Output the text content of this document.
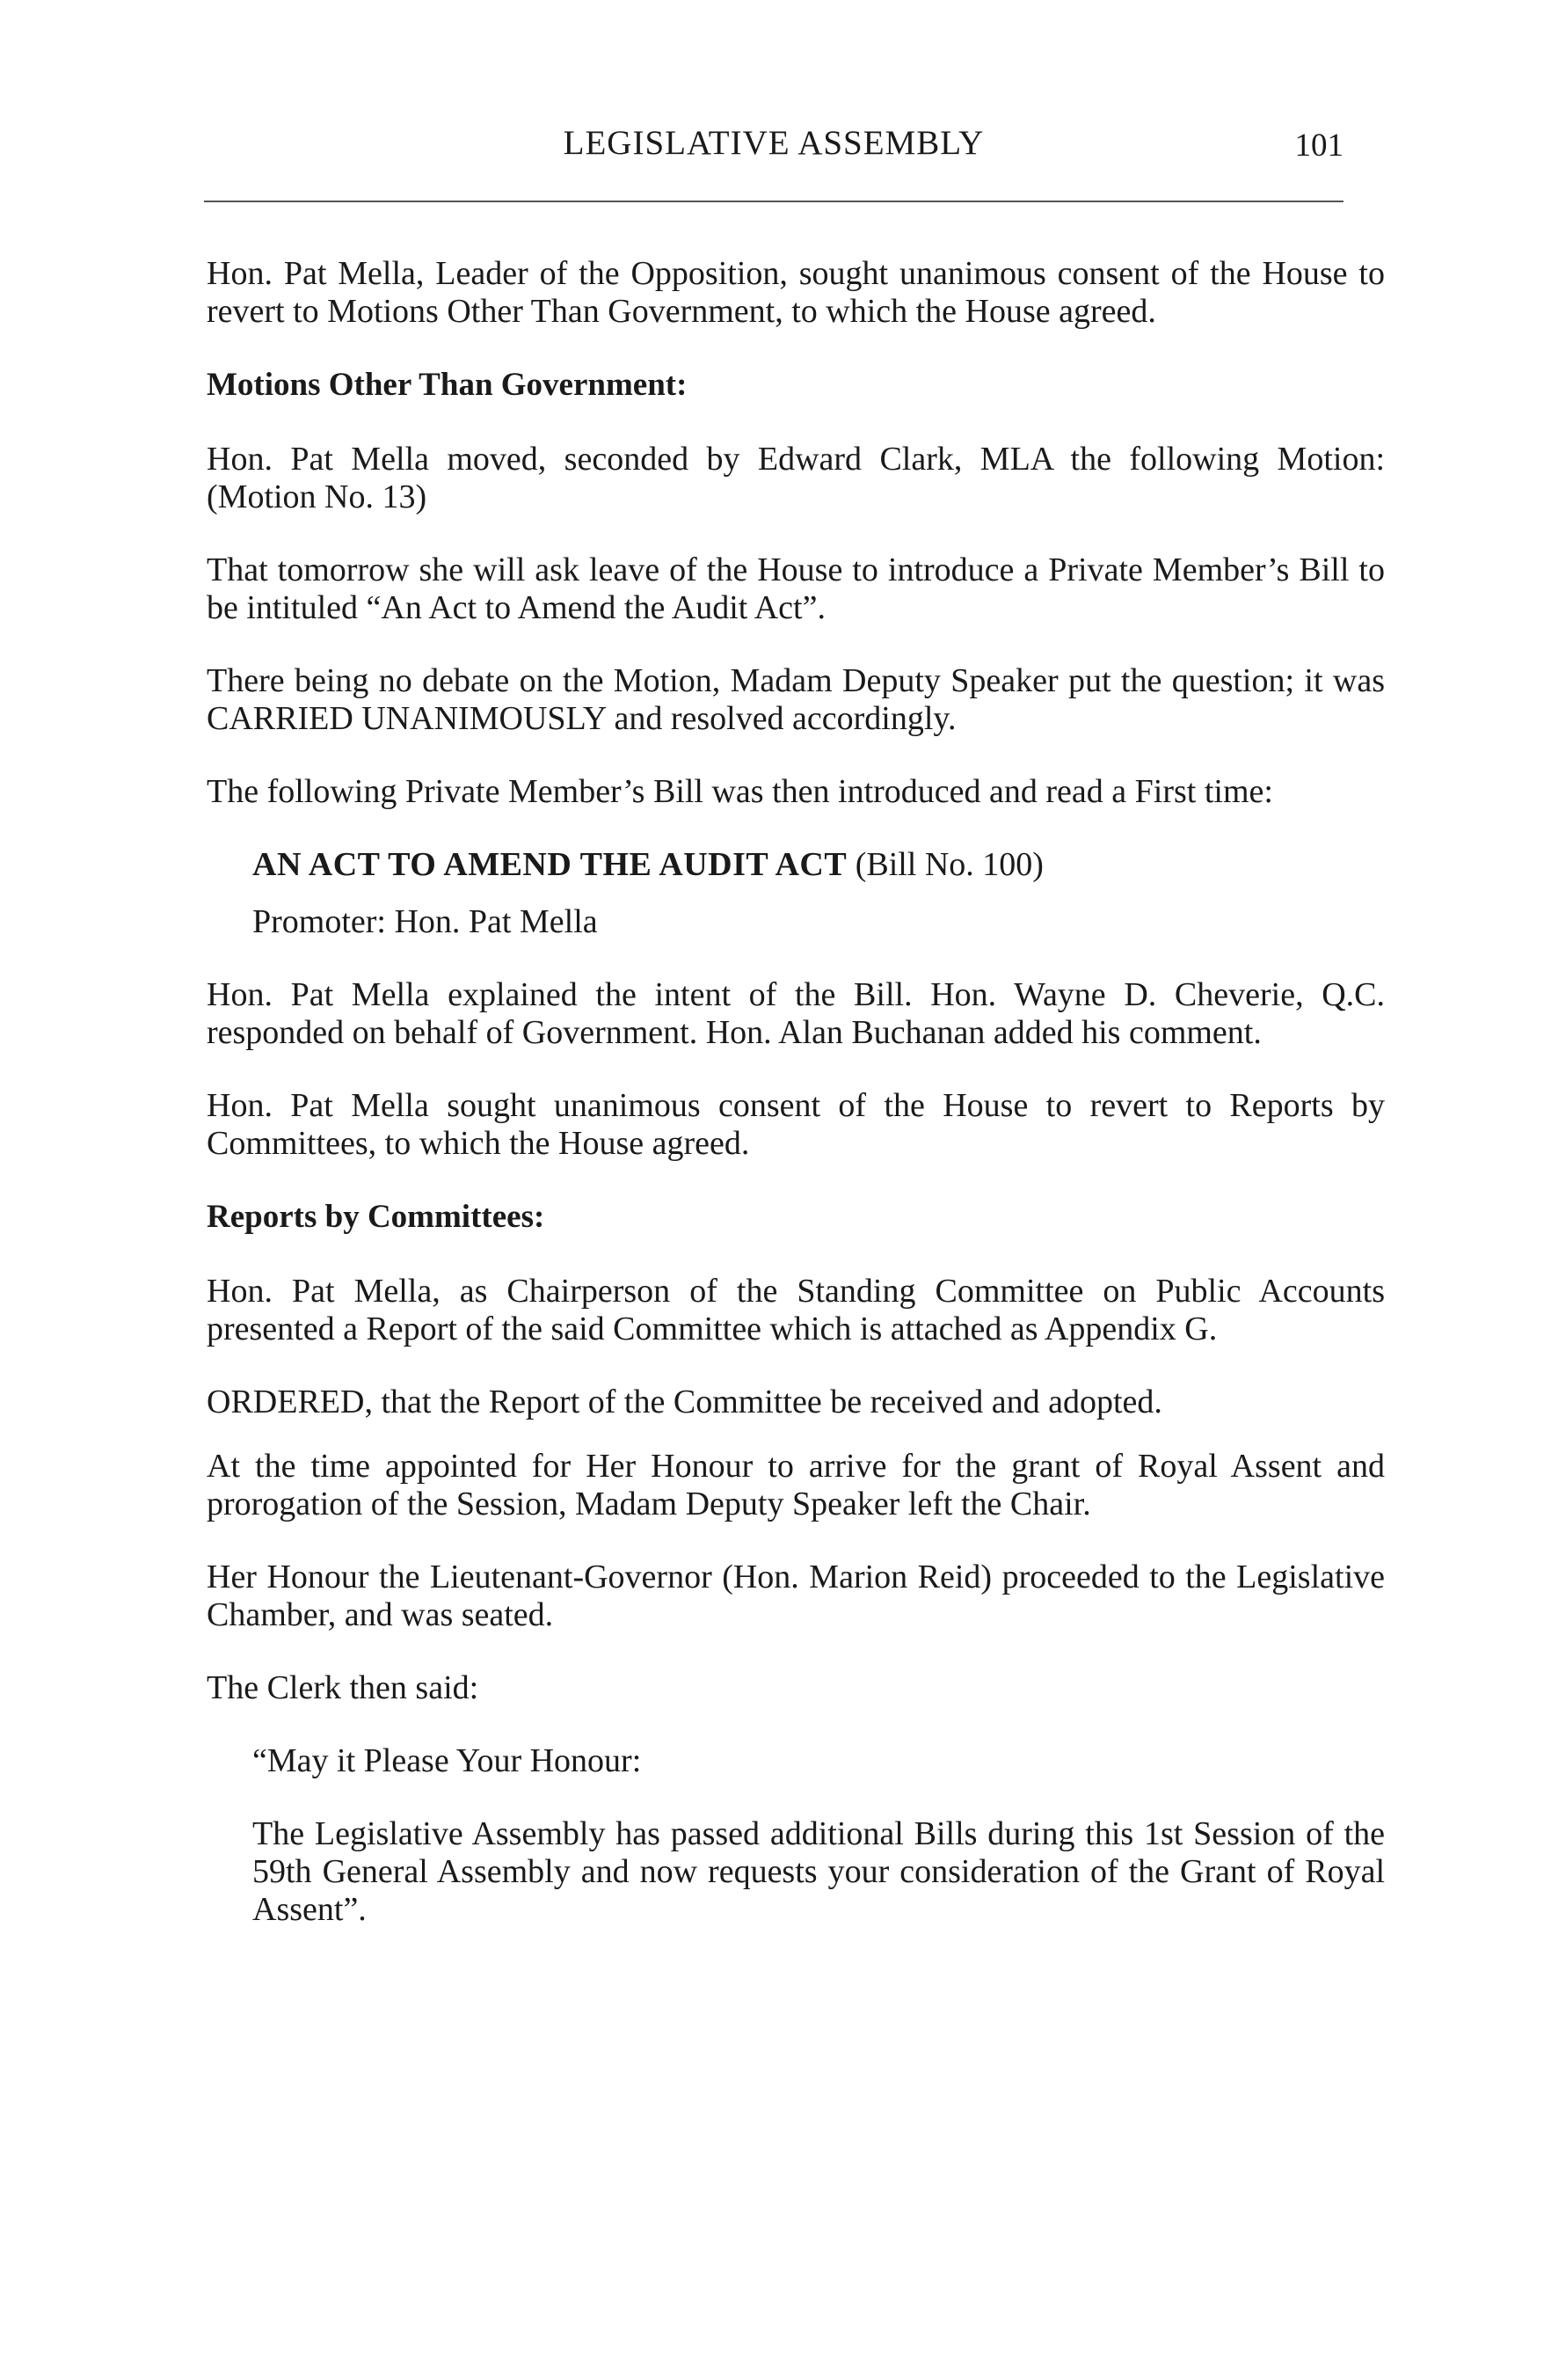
LEGISLATIVE ASSEMBLY	101

Hon. Pat Mella, Leader of the Opposition, sought unanimous consent of the House to revert to Motions Other Than Government, to which the House agreed.

Motions Other Than Government:

Hon. Pat Mella moved, seconded by Edward Clark, MLA the following Motion: (Motion No. 13)

That tomorrow she will ask leave of the House to introduce a Private Member’s Bill to be intituled “An Act to Amend the Audit Act”.

There being no debate on the Motion, Madam Deputy Speaker put the question; it was CARRIED UNANIMOUSLY and resolved accordingly.

The following Private Member’s Bill was then introduced and read a First time:

AN ACT TO AMEND THE AUDIT ACT (Bill No. 100)
Promoter: Hon. Pat Mella

Hon. Pat Mella explained the intent of the Bill. Hon. Wayne D. Cheverie, Q.C. responded on behalf of Government. Hon. Alan Buchanan added his comment.

Hon. Pat Mella sought unanimous consent of the House to revert to Reports by Committees, to which the House agreed.

Reports by Committees:

Hon. Pat Mella, as Chairperson of the Standing Committee on Public Accounts presented a Report of the said Committee which is attached as Appendix G.

ORDERED, that the Report of the Committee be received and adopted.

At the time appointed for Her Honour to arrive for the grant of Royal Assent and prorogation of the Session, Madam Deputy Speaker left the Chair.

Her Honour the Lieutenant-Governor (Hon. Marion Reid) proceeded to the Legislative Chamber, and was seated.

The Clerk then said:

“May it Please Your Honour:

The Legislative Assembly has passed additional Bills during this 1st Session of the 59th General Assembly and now requests your consideration of the Grant of Royal Assent”.
